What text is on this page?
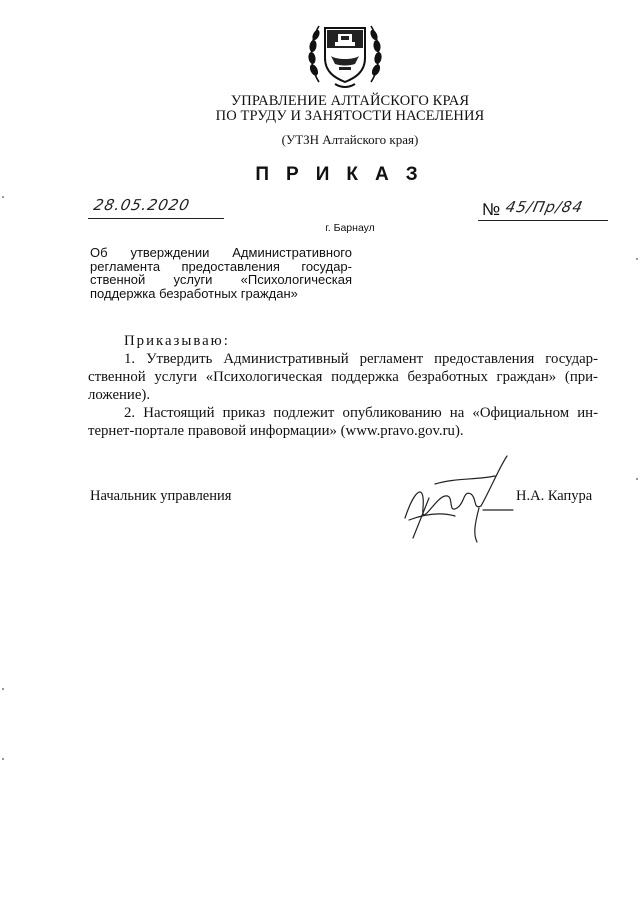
УПРАВЛЕНИЕ АЛТАЙСКОГО КРАЯ
ПО ТРУДУ И ЗАНЯТОСТИ НАСЕЛЕНИЯ
(УТЗН Алтайского края)
ПРИКАЗ
28.05.2020
г. Барнаул
№ 45/Пр/84
Об утверждении Административного
регламента предоставления государ-
ственной услуги «Психологическая
поддержка безработных граждан»
Приказываю:
1. Утвердить Административный регламент предоставления государ-
ственной услуги «Психологическая поддержка безработных граждан» (при-
ложение).
2. Настоящий приказ подлежит опубликованию на «Официальном ин-
тернет-портале правовой информации» (www.pravo.gov.ru).
Начальник управления	Н.А. Капура
